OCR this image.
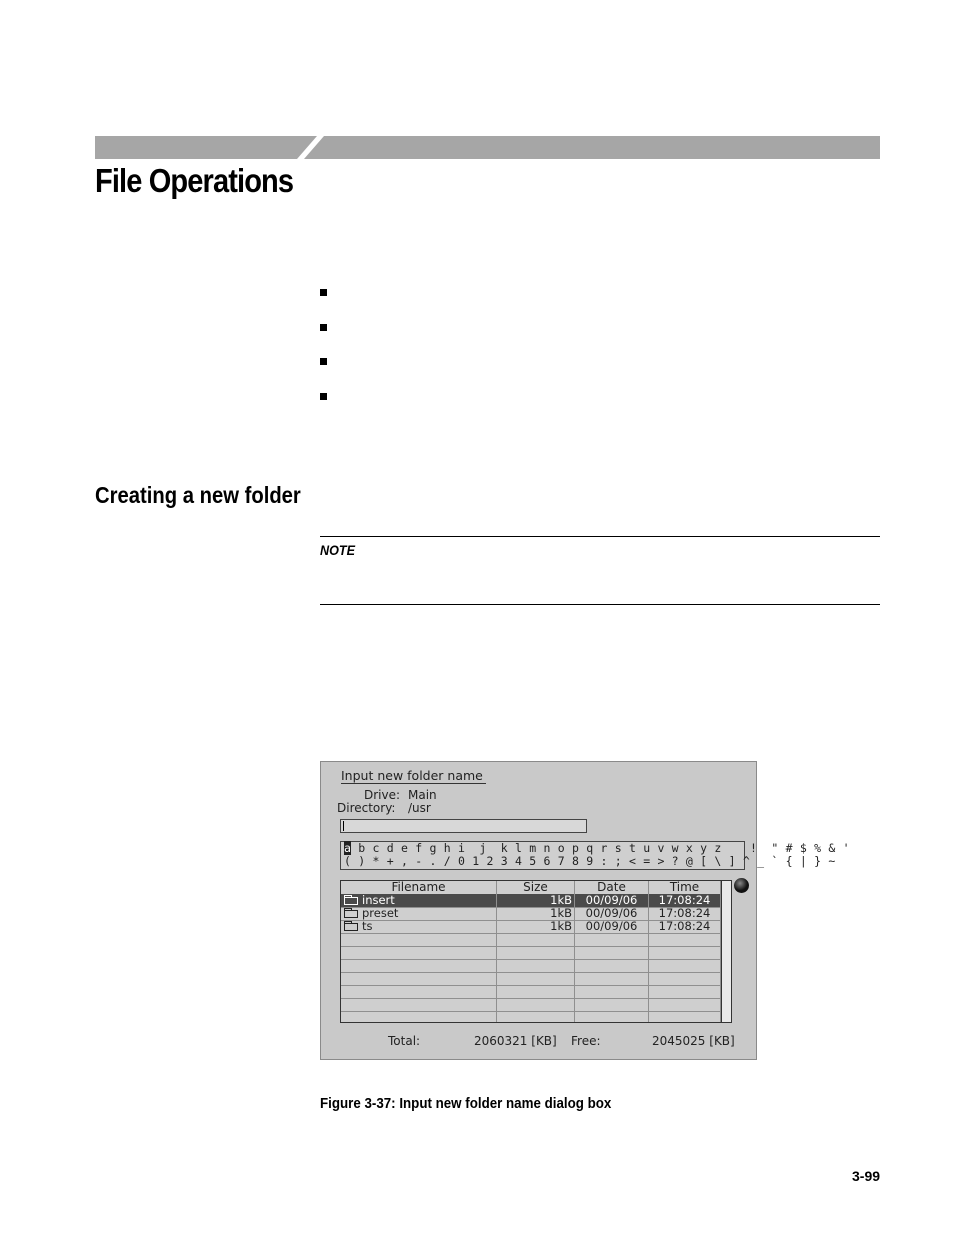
File Operations
Creating a new folder
NOTE
Input new folder name
Drive: Main
Directory: /usr
a b c d e f g h i  j  k l m n o p q r s t u v w x y z    !  " # $ % & '
( ) * + , - . / 0 1 2 3 4 5 6 7 8 9 : ; < = > ? @ [ \ ] ^ _ ` { | } ~
Filename	Size	Date	Time
insert	1kB	00/09/06	17:08:24
preset	1kB	00/09/06	17:08:24
ts	1kB	00/09/06	17:08:24
Total:	2060321 [KB] Free:	2045025 [KB]
Figure 3-37: Input new folder name dialog box
3-99
